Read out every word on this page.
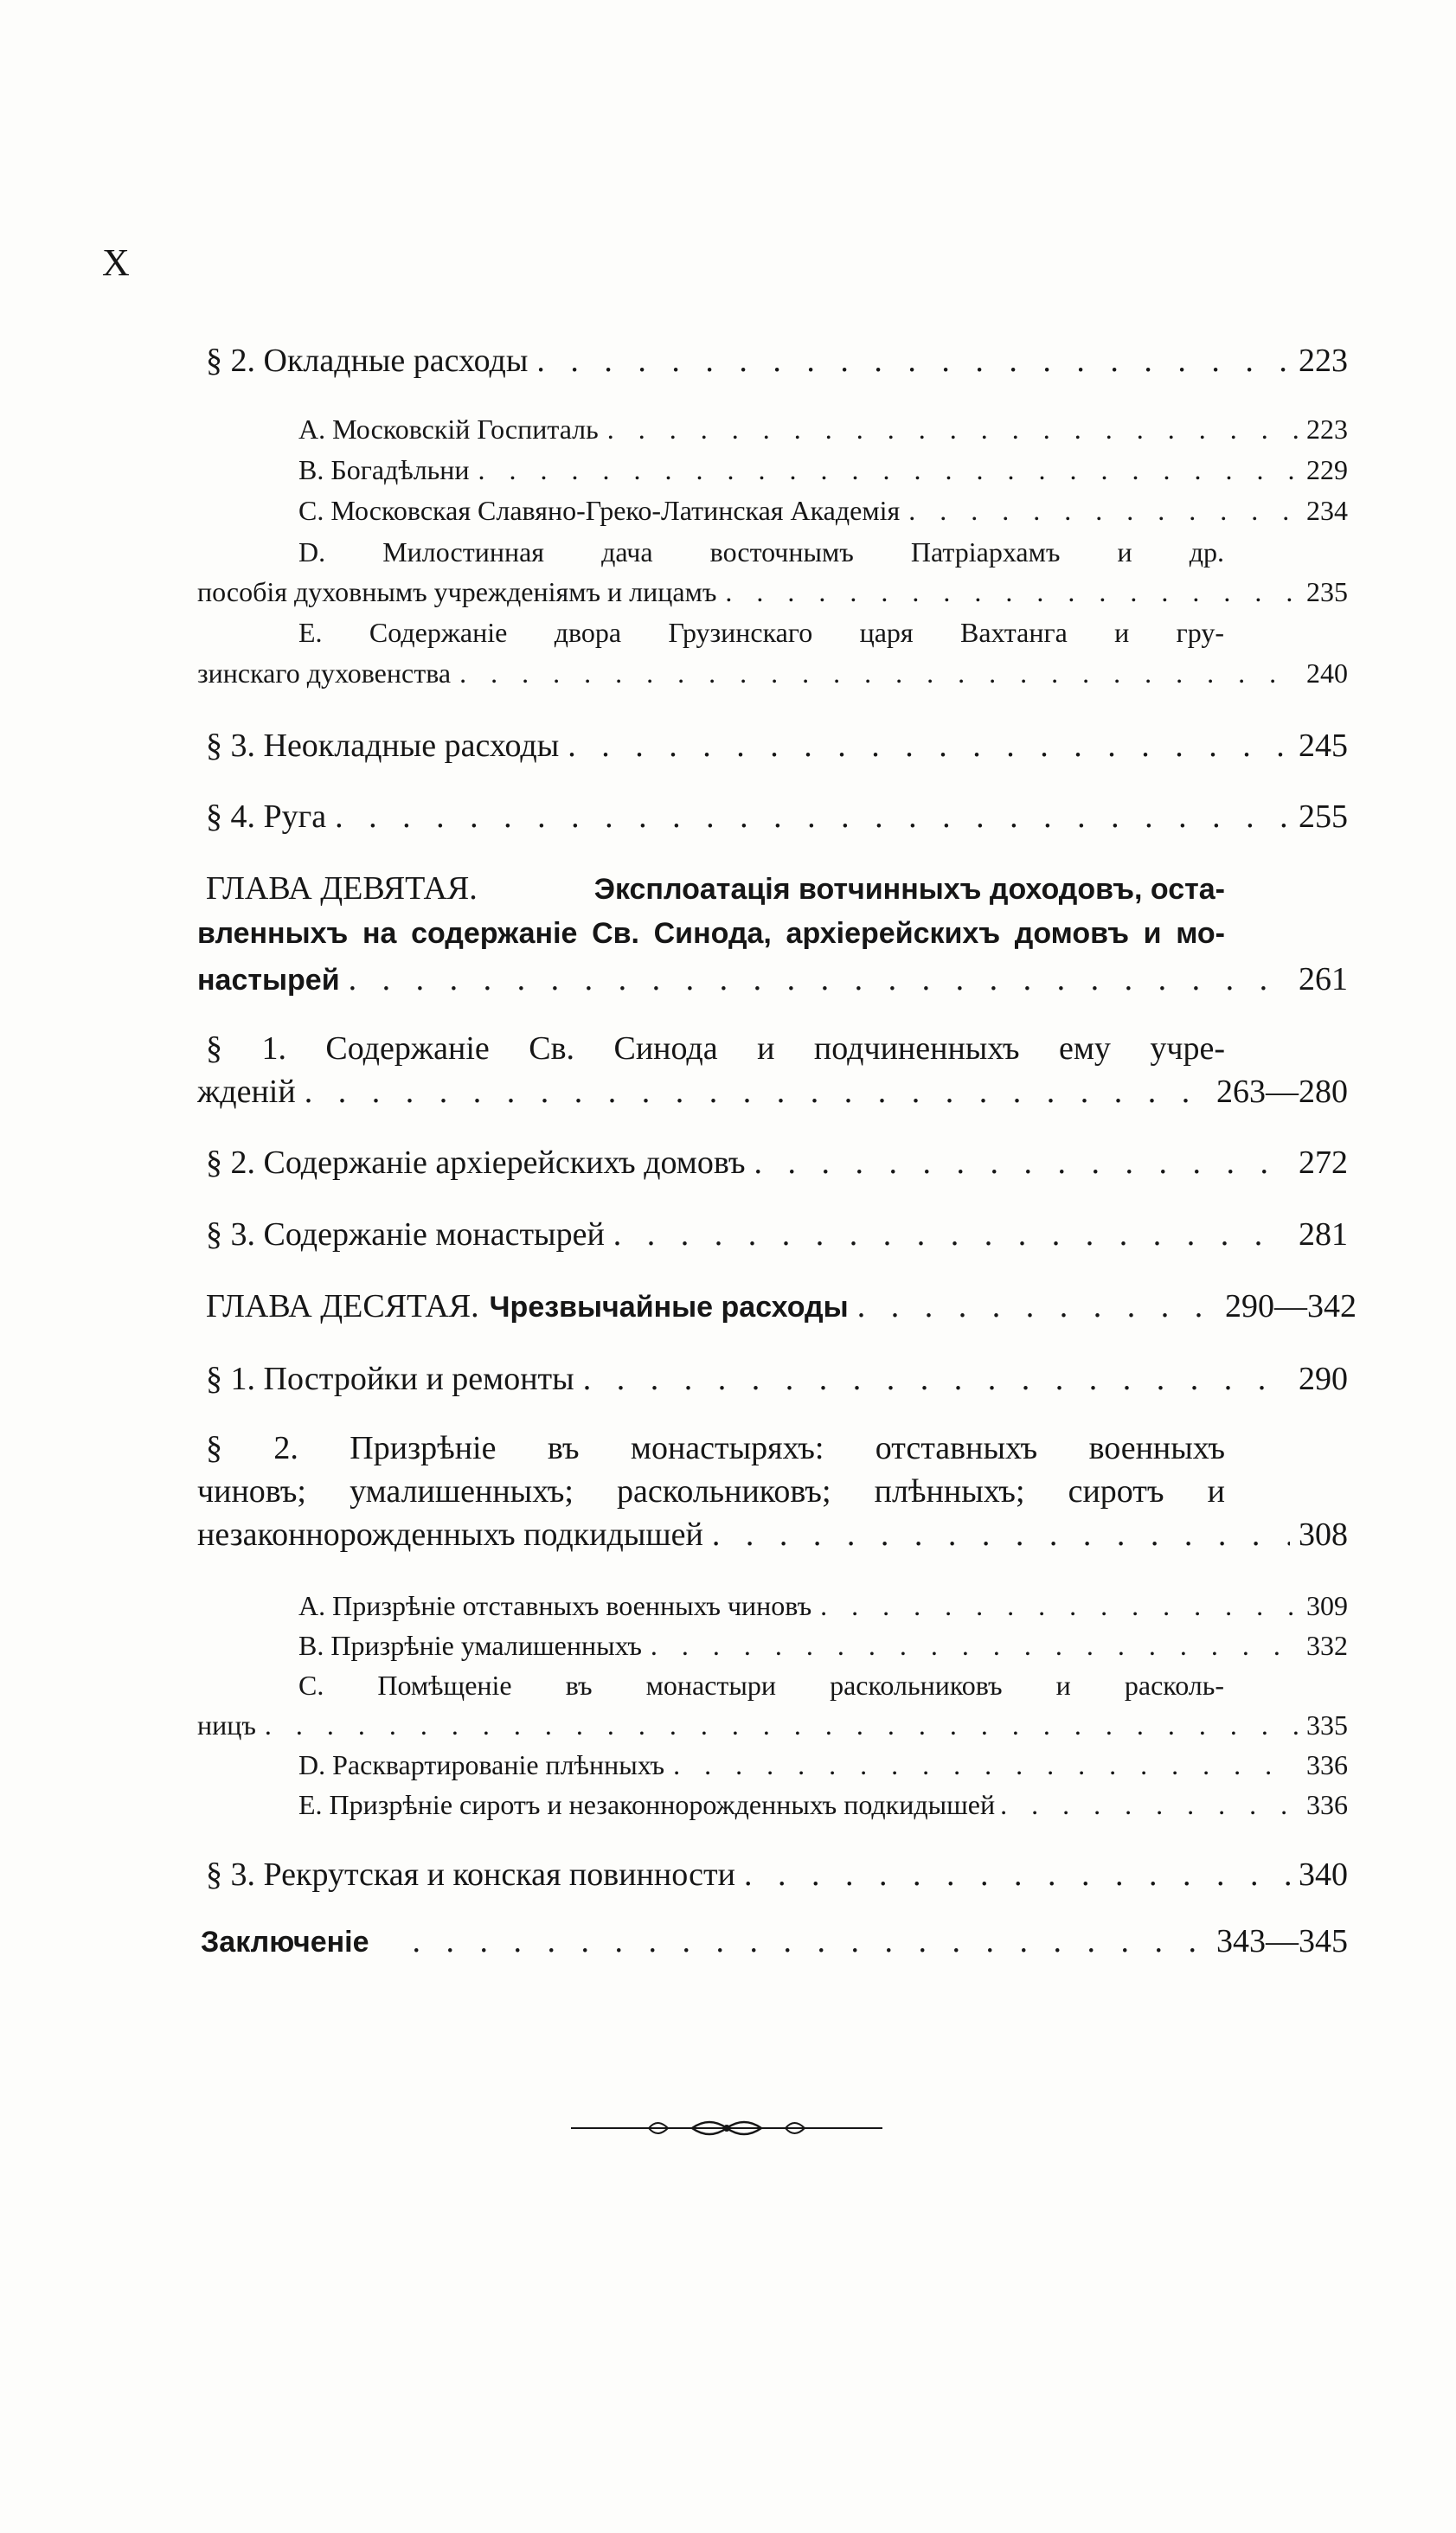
X
§ 2. Окладные расходы . . .	223
А. Московскій Госпиталь . . .	223
В. Богадѣльни . . .	229
С. Московская Славяно-Греко-Латинская Академія . . .	234
D. Милостинная дача восточнымъ Патріархамъ и др.
пособія духовнымъ учрежденіямъ и лицамъ . . .	235
Е. Содержаніе двора Грузинскаго царя Вахтанга и гру-
зинскаго духовенства . . .	240
§ 3. Неокладные расходы . . .	245
§ 4. Руга . . .	255
ГЛАВА ДЕВЯТАЯ.	Эксплоатація вотчинныхъ доходовъ, оста-
вленныхъ на содержаніе Св. Синода, архіерейскихъ домовъ и мо-
настырей . . .	261
§ 1. Содержаніе Св. Синода и подчиненныхъ ему учре-
жденій . . .	263—280
§ 2. Содержаніе архіерейскихъ домовъ . . .	272
§ 3. Содержаніе монастырей . . .	281
ГЛАВА ДЕСЯТАЯ. Чрезвычайные расходы . . .	290—342
§ 1. Постройки и ремонты . . .	290
§ 2. Призрѣніе въ монастыряхъ: отставныхъ военныхъ
чиновъ; умалишенныхъ; раскольниковъ; плѣнныхъ; сиротъ и
незаконнорожденныхъ подкидышей . . .	308
А. Призрѣніе отставныхъ военныхъ чиновъ . . .	309
В. Призрѣніе умалишенныхъ . . .	332
С. Помѣщеніе въ монастыри раскольниковъ и расколь-
ницъ . . .	335
D. Расквартированіе плѣнныхъ . . .	336
Е. Призрѣніе сиротъ и незаконнорожденныхъ подкидышей . . .	336
§ 3. Рекрутская и конская повинности . . .	340
Заключеніе . . .	343—345
